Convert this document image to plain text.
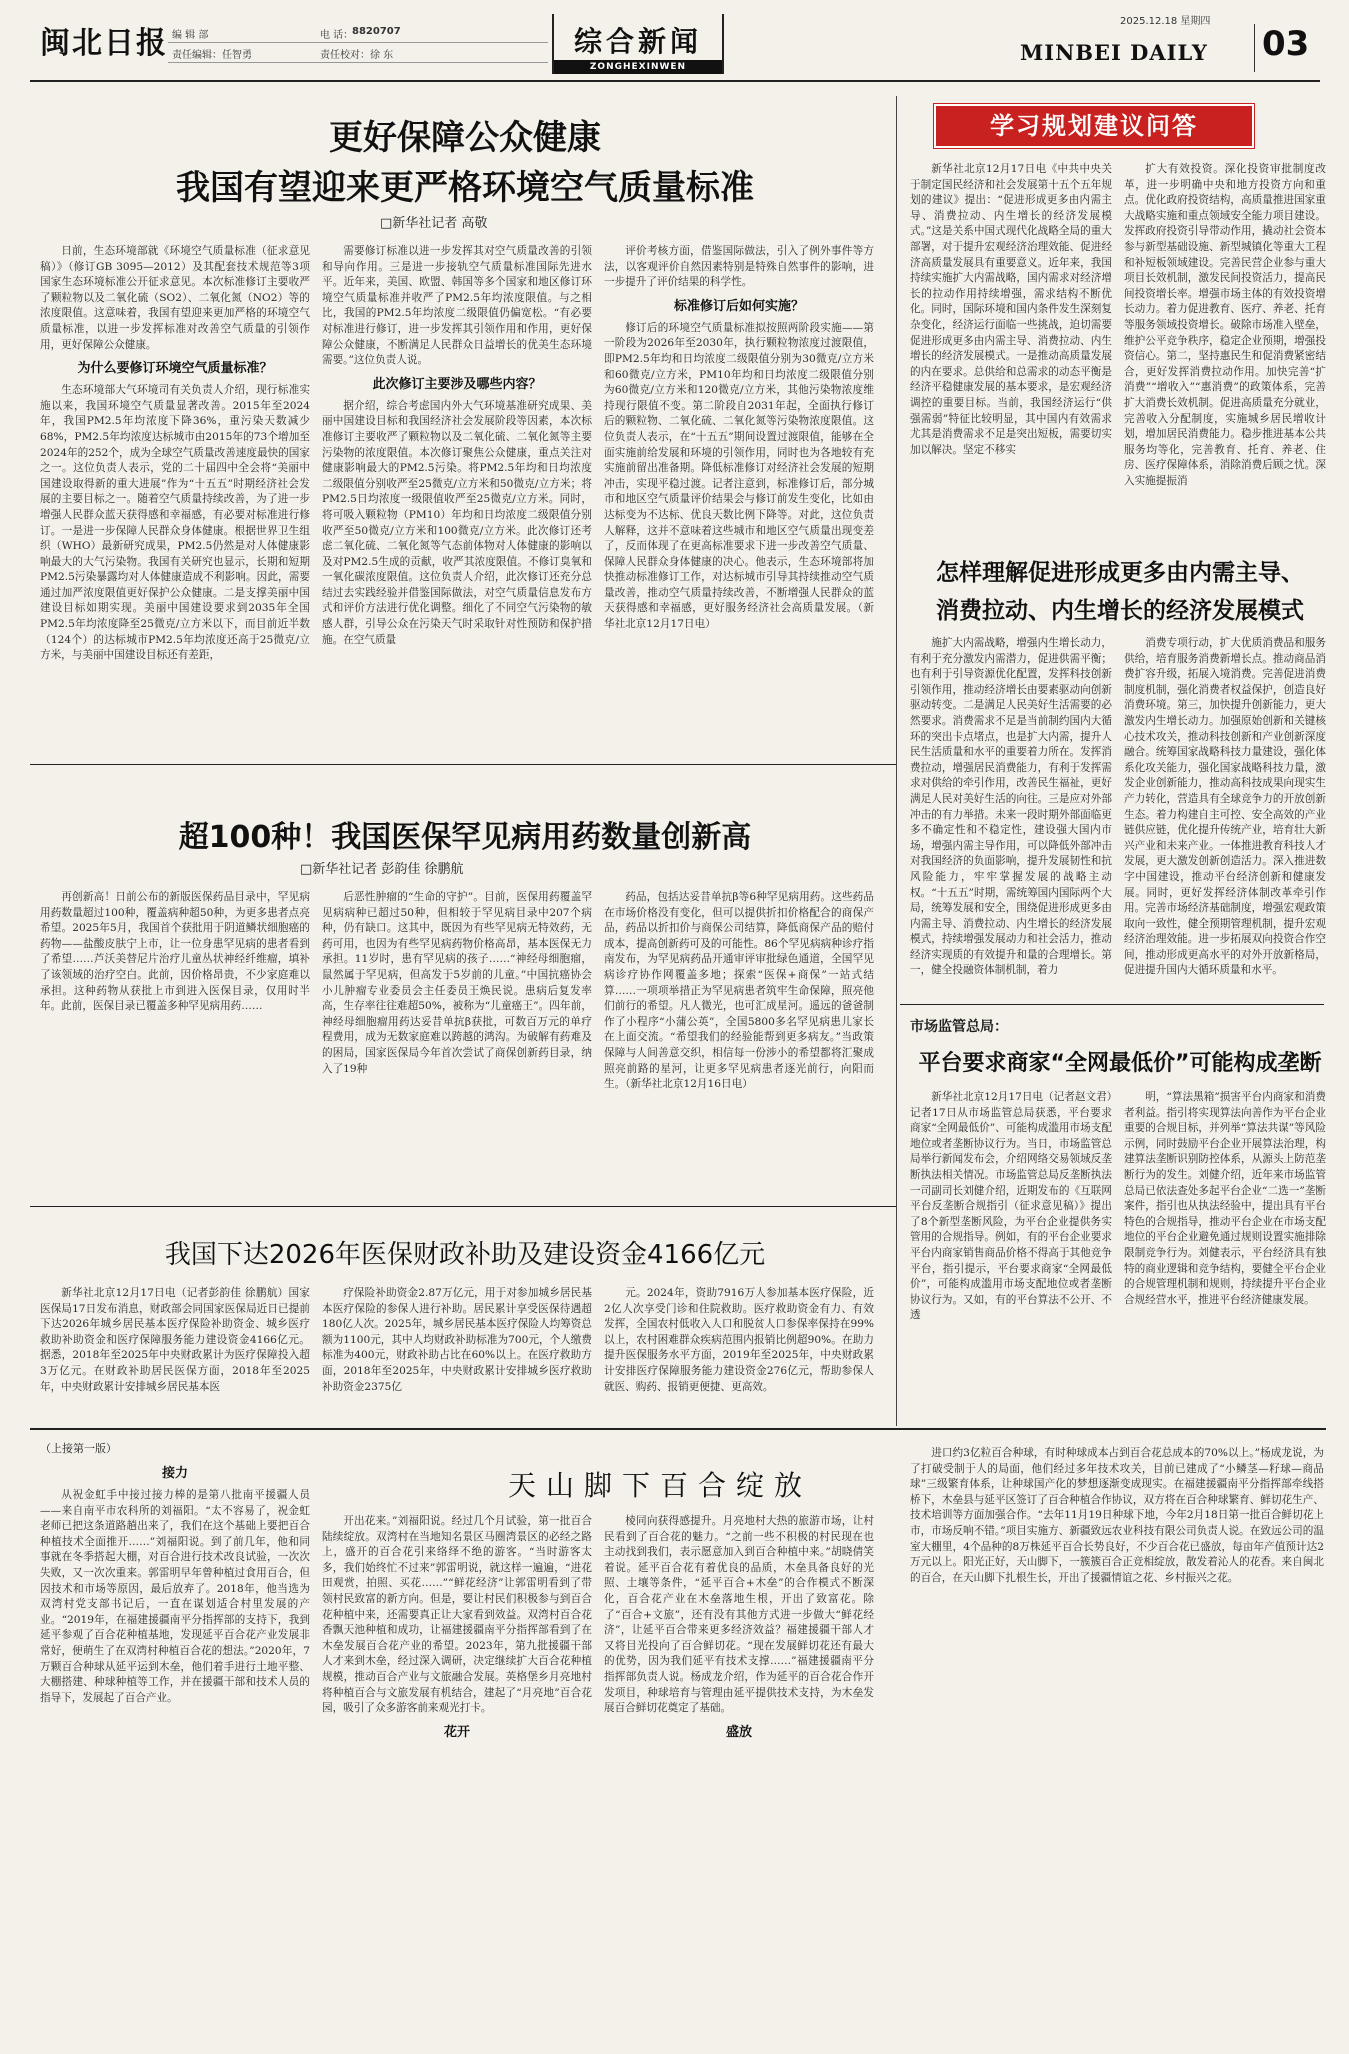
闽北日报 编 辑 部	电 话：
8820707
责任编辑：任智勇	责任校对：徐 东	综合新闻
ZONGHEXINWEN
2025.12.18 星期四
MINBEI DAILY 03
更好保障公众健康
我国有望迎来更严格环境空气质量标准
□新华社记者 高敬

日前，生态环境部就《环境空气质量标准（征求意见稿）》（修订GB 3095—2012）及其配套技术规范等3项国家生态环境标准公开征求意见。本次标准修订主要收严了颗粒物以及二氧化硫（SO2）、二氧化氮（NO2）等的浓度限值。这意味着，我国有望迎来更加严格的环境空气质量标准，以进一步发挥标准对改善空气质量的引领作用，更好保障公众健康。

为什么要修订环境空气质量标准？

生态环境部大气环境司有关负责人介绍，现行标准实施以来，我国环境空气质量显著改善。2015年至2024年，我国PM2.5年均浓度下降36%，重污染天数减少68%，PM2.5年均浓度达标城市由2015年的73个增加至2024年的252个，成为全球空气质量改善速度最快的国家之一。这位负责人表示，党的二十届四中全会将“美丽中国建设取得新的重大进展”作为“十五五”时期经济社会发展的主要目标之一。随着空气质量持续改善，为了进一步增强人民群众蓝天获得感和幸福感，有必要对标准进行修订。一是进一步保障人民群众身体健康。根据世界卫生组织（WHO）最新研究成果，PM2.5仍然是对人体健康影响最大的大气污染物。我国有关研究也显示，长期和短期PM2.5污染暴露均对人体健康造成不利影响。因此，需要通过加严浓度限值更好保护公众健康。二是支撑美丽中国建设目标如期实现。美丽中国建设要求到2035年全国PM2.5年均浓度降至25微克/立方米以下，而目前近半数（124个）的达标城市PM2.5年均浓度还高于25微克/立方米，与美丽中国建设目标还有差距，

需要修订标准以进一步发挥其对空气质量改善的引领和导向作用。三是进一步接轨空气质量标准国际先进水平。近年来，美国、欧盟、韩国等多个国家和地区修订环境空气质量标准并收严了PM2.5年均浓度限值。与之相比，我国的PM2.5年均浓度二级限值仍偏宽松。“有必要对标准进行修订，进一步发挥其引领作用和作用，更好保障公众健康，不断满足人民群众日益增长的优美生态环境需要。”这位负责人说。

此次修订主要涉及哪些内容？

据介绍，综合考虑国内外大气环境基准研究成果、美丽中国建设目标和我国经济社会发展阶段等因素，本次标准修订主要收严了颗粒物以及二氧化硫、二氧化氮等主要污染物的浓度限值。本次修订聚焦公众健康，重点关注对健康影响最大的PM2.5污染。将PM2.5年均和日均浓度二级限值分别收严至25微克/立方米和50微克/立方米；将PM2.5日均浓度一级限值收严至25微克/立方米。同时，将可吸入颗粒物（PM10）年均和日均浓度二级限值分别收严至50微克/立方米和100微克/立方米。此次修订还考虑二氧化硫、二氧化氮等气态前体物对人体健康的影响以及对PM2.5生成的贡献，收严其浓度限值。不修订臭氧和一氧化碳浓度限值。这位负责人介绍，此次修订还充分总结过去实践经验并借鉴国际做法，对空气质量信息发布方式和评价方法进行优化调整。细化了不同空气污染物的敏感人群，引导公众在污染天气时采取针对性预防和保护措施。在空气质量

评价考核方面，借鉴国际做法，引入了例外事件等方法，以客观评价自然因素特别是特殊自然事件的影响，进一步提升了评价结果的科学性。

标准修订后如何实施？

修订后的环境空气质量标准拟按照两阶段实施——第一阶段为2026年至2030年，执行颗粒物浓度过渡限值，即PM2.5年均和日均浓度二级限值分别为30微克/立方米和60微克/立方米，PM10年均和日均浓度二级限值分别为60微克/立方米和120微克/立方米，其他污染物浓度维持现行限值不变。第二阶段自2031年起，全面执行修订后的颗粒物、二氧化硫、二氧化氮等污染物浓度限值。这位负责人表示，在“十五五”期间设置过渡限值，能够在全面实施前给发展和环境的引领作用，同时也为各地较有充实施前留出准备期。降低标准修订对经济社会发展的短期冲击，实现平稳过渡。记者注意到，标准修订后，部分城市和地区空气质量评价结果会与修订前发生变化，比如由达标变为不达标、优良天数比例下降等。对此，这位负责人解释，这并不意味着这些城市和地区空气质量出现变差了，反而体现了在更高标准要求下进一步改善空气质量、保障人民群众身体健康的决心。他表示，生态环境部将加快推动标准修订工作，对达标城市引导其持续推动空气质量改善，推动空气质量持续改善，不断增强人民群众的蓝天获得感和幸福感，更好服务经济社会高质量发展。（新华社北京12月17日电）

超100种！我国医保罕见病用药数量创新高
□新华社记者 彭韵佳 徐鹏航

再创新高！日前公布的新版医保药品目录中，罕见病用药数量超过100种，覆盖病种超50种，为更多患者点亮希望。2025年5月，我国首个获批用于阴道鳞状细胞癌的药物——盐酸皮肤宁上市，让一位身患罕见病的患者看到了希望……芦沃美替尼片治疗儿童丛状神经纤维瘤，填补了该领域的治疗空白。此前，因价格昂贵，不少家庭难以承担。这种药物从获批上市到进入医保目录，仅用时半年。此前，医保目录已覆盖多种罕见病用药……

后恶性肿瘤的“生命的守护”。目前，医保用药覆盖罕见病病种已超过50种，但相较于罕见病目录中207个病种，仍有缺口。这其中，既因为有些罕见病无特效药，无药可用，也因为有些罕见病药物价格高昂，基本医保无力承担。11岁时，患有罕见病的孩子……“神经母细胞瘤，鼠然属于罕见病，但高发于5岁前的儿童。”中国抗癌协会小儿肿瘤专业委员会主任委员王焕民说。患病后复发率高，生存率往往难超50%，被称为“儿童癌王”。四年前，神经母细胞瘤用药达妥昔单抗β获批，可数百万元的单疗程费用，成为无数家庭难以跨越的鸿沟。为破解有药难及的困局，国家医保局今年首次尝试了商保创新药目录，纳入了19种

药品，包括达妥昔单抗β等6种罕见病用药。这些药品在市场价格没有变化，但可以提供折扣价格配合的商保产品，药品以折扣价与商保公司结算，降低商保产品的赔付成本，提高创新药可及的可能性。86个罕见病病种诊疗指南发布，为罕见病药品开通审评审批绿色通道，全国罕见病诊疗协作网覆盖多地；探索“医保+商保”一站式结算……一项项举措正为罕见病患者筑牢生命保障，照亮他们前行的希望。凡人微光，也可汇成星河。遥远的爸爸制作了小程序“小蒲公英”，全国5800多名罕见病患儿家长在上面交流。“希望我们的经验能帮到更多病友。”当政策保障与人间善意交织，相信每一份涉小的希望都将汇聚成照亮前路的星河，让更多罕见病患者逐光前行，向阳而生。（新华社北京12月16日电）

我国下达2026年医保财政补助及建设资金4166亿元

新华社北京12月17日电（记者彭韵佳 徐鹏航）国家医保局17日发布消息，财政部会同国家医保局近日已提前下达2026年城乡居民基本医疗保险补助资金、城乡医疗救助补助资金和医疗保障服务能力建设资金4166亿元。据悉，2018年至2025年中央财政累计为医疗保障投入超3万亿元。在财政补助居民医保方面，2018年至2025年，中央财政累计安排城乡居民基本医

疗保险补助资金2.87万亿元，用于对参加城乡居民基本医疗保险的参保人进行补助。居民累计享受医保待遇超180亿人次。2025年，城乡居民基本医疗保险人均筹资总额为1100元，其中人均财政补助标准为700元，个人缴费标准为400元，财政补助占比在60%以上。在医疗救助方面，2018年至2025年，中央财政累计安排城乡医疗救助补助资金2375亿

元。2024年，资助7916万人参加基本医疗保险，近2亿人次享受门诊和住院救助。医疗救助资金有力、有效发挥，全国农村低收入人口和脱贫人口参保率保持在99%以上，农村困难群众疾病范围内报销比例超90%。在助力提升医保服务水平方面，2019年至2025年，中央财政累计安排医疗保障服务能力建设资金276亿元，帮助参保人就医、购药、报销更便捷、更高效。

学习规划建议问答

新华社北京12月17日电《中共中央关于制定国民经济和社会发展第十五个五年规划的建议》提出：“促进形成更多由内需主导、消费拉动、内生增长的经济发展模式。”这是关系中国式现代化战略全局的重大部署，对于提升宏观经济治理效能、促进经济高质量发展具有重要意义。近年来，我国持续实施扩大内需战略，国内需求对经济增长的拉动作用持续增强，需求结构不断优化。同时，国际环境和国内条件发生深刻复杂变化，经济运行面临一些挑战，迫切需要促进形成更多由内需主导、消费拉动、内生增长的经济发展模式。一是推动高质量发展的内在要求。总供给和总需求的动态平衡是经济平稳健康发展的基本要求，是宏观经济调控的重要目标。当前，我国经济运行“供强需弱”特征比较明显，其中国内有效需求尤其是消费需求不足是突出短板，需要切实加以解决。坚定不移实

扩大有效投资。深化投资审批制度改革，进一步明确中央和地方投资方向和重点。优化政府投资结构，高质量推进国家重大战略实施和重点领域安全能力项目建设。发挥政府投资引导带动作用，撬动社会资本参与新型基础设施、新型城镇化等重大工程和补短板领域建设。完善民营企业参与重大项目长效机制，激发民间投资活力，提高民间投资增长率。增强市场主体的有效投资增长动力。着力促进教育、医疗、养老、托育等服务领域投资增长。破除市场准入壁垒，维护公平竞争秩序，稳定企业预期，增强投资信心。第二，坚持惠民生和促消费紧密结合，更好发挥消费拉动作用。加快完善“扩消费”“增收入”“惠消费”的政策体系，完善扩大消费长效机制。促进高质量充分就业，完善收入分配制度，实施城乡居民增收计划，增加居民消费能力。稳步推进基本公共服务均等化，完善教育、托育、养老、住房、医疗保障体系，消除消费后顾之忧。深入实施提振消

怎样理解促进形成更多由内需主导、
消费拉动、内生增长的经济发展模式

施扩大内需战略，增强内生增长动力，有利于充分激发内需潜力，促进供需平衡；也有利于引导资源优化配置，发挥科技创新引领作用，推动经济增长由要素驱动向创新驱动转变。二是满足人民美好生活需要的必然要求。消费需求不足是当前制约国内大循环的突出卡点堵点，也是扩大内需，提升人民生活质量和水平的重要着力所在。发挥消费拉动，增强居民消费能力，有利于发挥需求对供给的牵引作用，改善民生福祉，更好满足人民对美好生活的向往。三是应对外部冲击的有力举措。未来一段时期外部面临更多不确定性和不稳定性，建设强大国内市场，增强内需主导作用，可以降低外部冲击对我国经济的负面影响，提升发展韧性和抗风险能力，牢牢掌握发展的战略主动权。“十五五”时期，需统筹国内国际两个大局，统筹发展和安全，围绕促进形成更多由内需主导、消费拉动、内生增长的经济发展模式，持续增强发展动力和社会活力，推动经济实现质的有效提升和量的合理增长。第一，健全投融资体制机制，着力

消费专项行动，扩大优质消费品和服务供给，培育服务消费新增长点。推动商品消费扩容升级，拓展入境消费。完善促进消费制度机制，强化消费者权益保护，创造良好消费环境。第三，加快提升创新能力，更大激发内生增长动力。加强原始创新和关键核心技术攻关，推动科技创新和产业创新深度融合。统筹国家战略科技力量建设，强化体系化攻关能力，强化国家战略科技力量，激发企业创新能力，推动高科技成果向现实生产力转化，营造具有全球竞争力的开放创新生态。着力构建自主可控、安全高效的产业链供应链，优化提升传统产业，培育壮大新兴产业和未来产业。一体推进教育科技人才发展，更大激发创新创造活力。深入推进数字中国建设，推动平台经济创新和健康发展。同时，更好发挥经济体制改革牵引作用。完善市场经济基础制度，增强宏观政策取向一致性，健全预期管理机制，提升宏观经济治理效能。进一步拓展双向投资合作空间，推动形成更高水平的对外开放新格局，促进提升国内大循环质量和水平。

市场监管总局：
平台要求商家“全网最低价”可能构成垄断

新华社北京12月17日电（记者赵文君）记者17日从市场监管总局获悉，平台要求商家“全网最低价”、可能构成滥用市场支配地位或者垄断协议行为。当日，市场监管总局举行新闻发布会，介绍网络交易领域反垄断执法相关情况。市场监管总局反垄断执法一司副司长刘健介绍，近期发布的《互联网平台反垄断合规指引（征求意见稿）》提出了8个新型垄断风险，为平台企业提供务实管用的合规指导。例如，有的平台企业要求平台内商家销售商品价格不得高于其他竞争平台，指引提示，平台要求商家“全网最低价”，可能构成滥用市场支配地位或者垄断协议行为。又如，有的平台算法不公开、不透

明，“算法黑箱”损害平台内商家和消费者利益。指引将实现算法向善作为平台企业重要的合规目标，并列举“算法共谋”等风险示例，同时鼓励平台企业开展算法治理，构建算法垄断识别防控体系，从源头上防范垄断行为的发生。刘健介绍，近年来市场监管总局已依法查处多起平台企业“二选一”垄断案件，指引也从执法经验中，提出具有平台特色的合规指导，推动平台企业在市场支配地位的平台企业避免通过规则设置实施排除限制竞争行为。刘健表示，平台经济具有独特的商业逻辑和竞争结构，要健全平台企业的合规管理机制和规则，持续提升平台企业合规经营水平，推进平台经济健康发展。

（上接第一版）
天山脚下百合绽放
接力

从祝金虹手中接过接力棒的是第八批南平援疆人员——来自南平市农科所的刘福阳。“太不容易了，祝金虹老师已把这条道路趟出来了，我们在这个基础上要把百合种植技术全面推开……”刘福阳说。到了前几年，他和同事就在冬季搭起大棚，对百合进行技术改良试验，一次次失败，又一次次重来。郭雷明早年曾种植过食用百合，但因技术和市场等原因，最后放弃了。2018年，他当选为双湾村党支部书记后，一直在谋划适合村里发展的产业。“2019年，在福建援疆南平分指挥部的支持下，我到延平参观了百合花种植基地，发现延平百合花产业发展非常好，便萌生了在双湾村种植百合花的想法。”2020年，7万颗百合种球从延平运到木垒，他们着手进行土地平整、大棚搭建、种球种植等工作，并在援疆干部和技术人员的指导下，发展起了百合产业。

开出花来。”刘福阳说。经过几个月试验，第一批百合陆续绽放。双湾村在当地知名景区马圈湾景区的必经之路上，盛开的百合花引来络绎不绝的游客。“当时游客太多，我们始终忙不过来”郭雷明说，就这样一遍遍，“进花田观赏，拍照、买花……”“鲜花经济”让郭雷明看到了带领村民致富的新方向。但是，要让村民们积极参与到百合花种植中来，还需要真正让大家看到效益。双湾村百合花香飘天池种植和成功，让福建援疆南平分指挥部看到了在木垒发展百合花产业的希望。2023年，第九批援疆干部人才来到木垒，经过深入调研，决定继续扩大百合花种植规模，推动百合产业与文旅融合发展。英格堡乡月亮地村将种植百合与文旅发展有机结合，建起了“月亮地”百合花园，吸引了众多游客前来观光打卡。

花开

棱同向获得感提升。月亮地村大热的旅游市场，让村民看到了百合花的魅力。“之前一些不积极的村民现在也主动找到我们，表示愿意加入到百合种植中来。”胡晓倩笑着说。延平百合花有着优良的品质，木垒具备良好的光照、土壤等条件，“延平百合+木垒”的合作模式不断深化，百合花产业在木垒落地生根，开出了致富花。除了“百合+文旅”，还有没有其他方式进一步做大“鲜花经济”，让延平百合带来更多经济效益？福建援疆干部人才又将目光投向了百合鲜切花。“现在发展鲜切花还有最大的优势，因为我们延平有技术支撑……”福建援疆南平分指挥部负责人说。杨成龙介绍，作为延平的百合花合作开发项目，种球培育与管理由延平提供技术支持，为木垒发展百合鲜切花奠定了基础。

盛放

进口约3亿粒百合种球，有时种球成本占到百合花总成本的70%以上。”杨成龙说，为了打破受制于人的局面，他们经过多年技术攻关，目前已建成了“小鳞茎—籽球—商品球”三级繁育体系，让种球国产化的梦想逐渐变成现实。在福建援疆南平分指挥部牵线搭桥下，木垒县与延平区签订了百合种植合作协议，双方将在百合种球繁育、鲜切花生产、技术培训等方面加强合作。“去年11月19日种球下地，今年2月18日第一批百合鲜切花上市，市场反响不错。”项目实施方、新疆致远农业科技有限公司负责人说。在致远公司的温室大棚里，4个品种的8万株延平百合长势良好，不少百合花已盛放，每亩年产值预计达2万元以上。阳光正好，天山脚下，一簇簇百合正竞相绽放，散发着沁人的花香。来自闽北的百合，在天山脚下扎根生长，开出了援疆情谊之花、乡村振兴之花。
